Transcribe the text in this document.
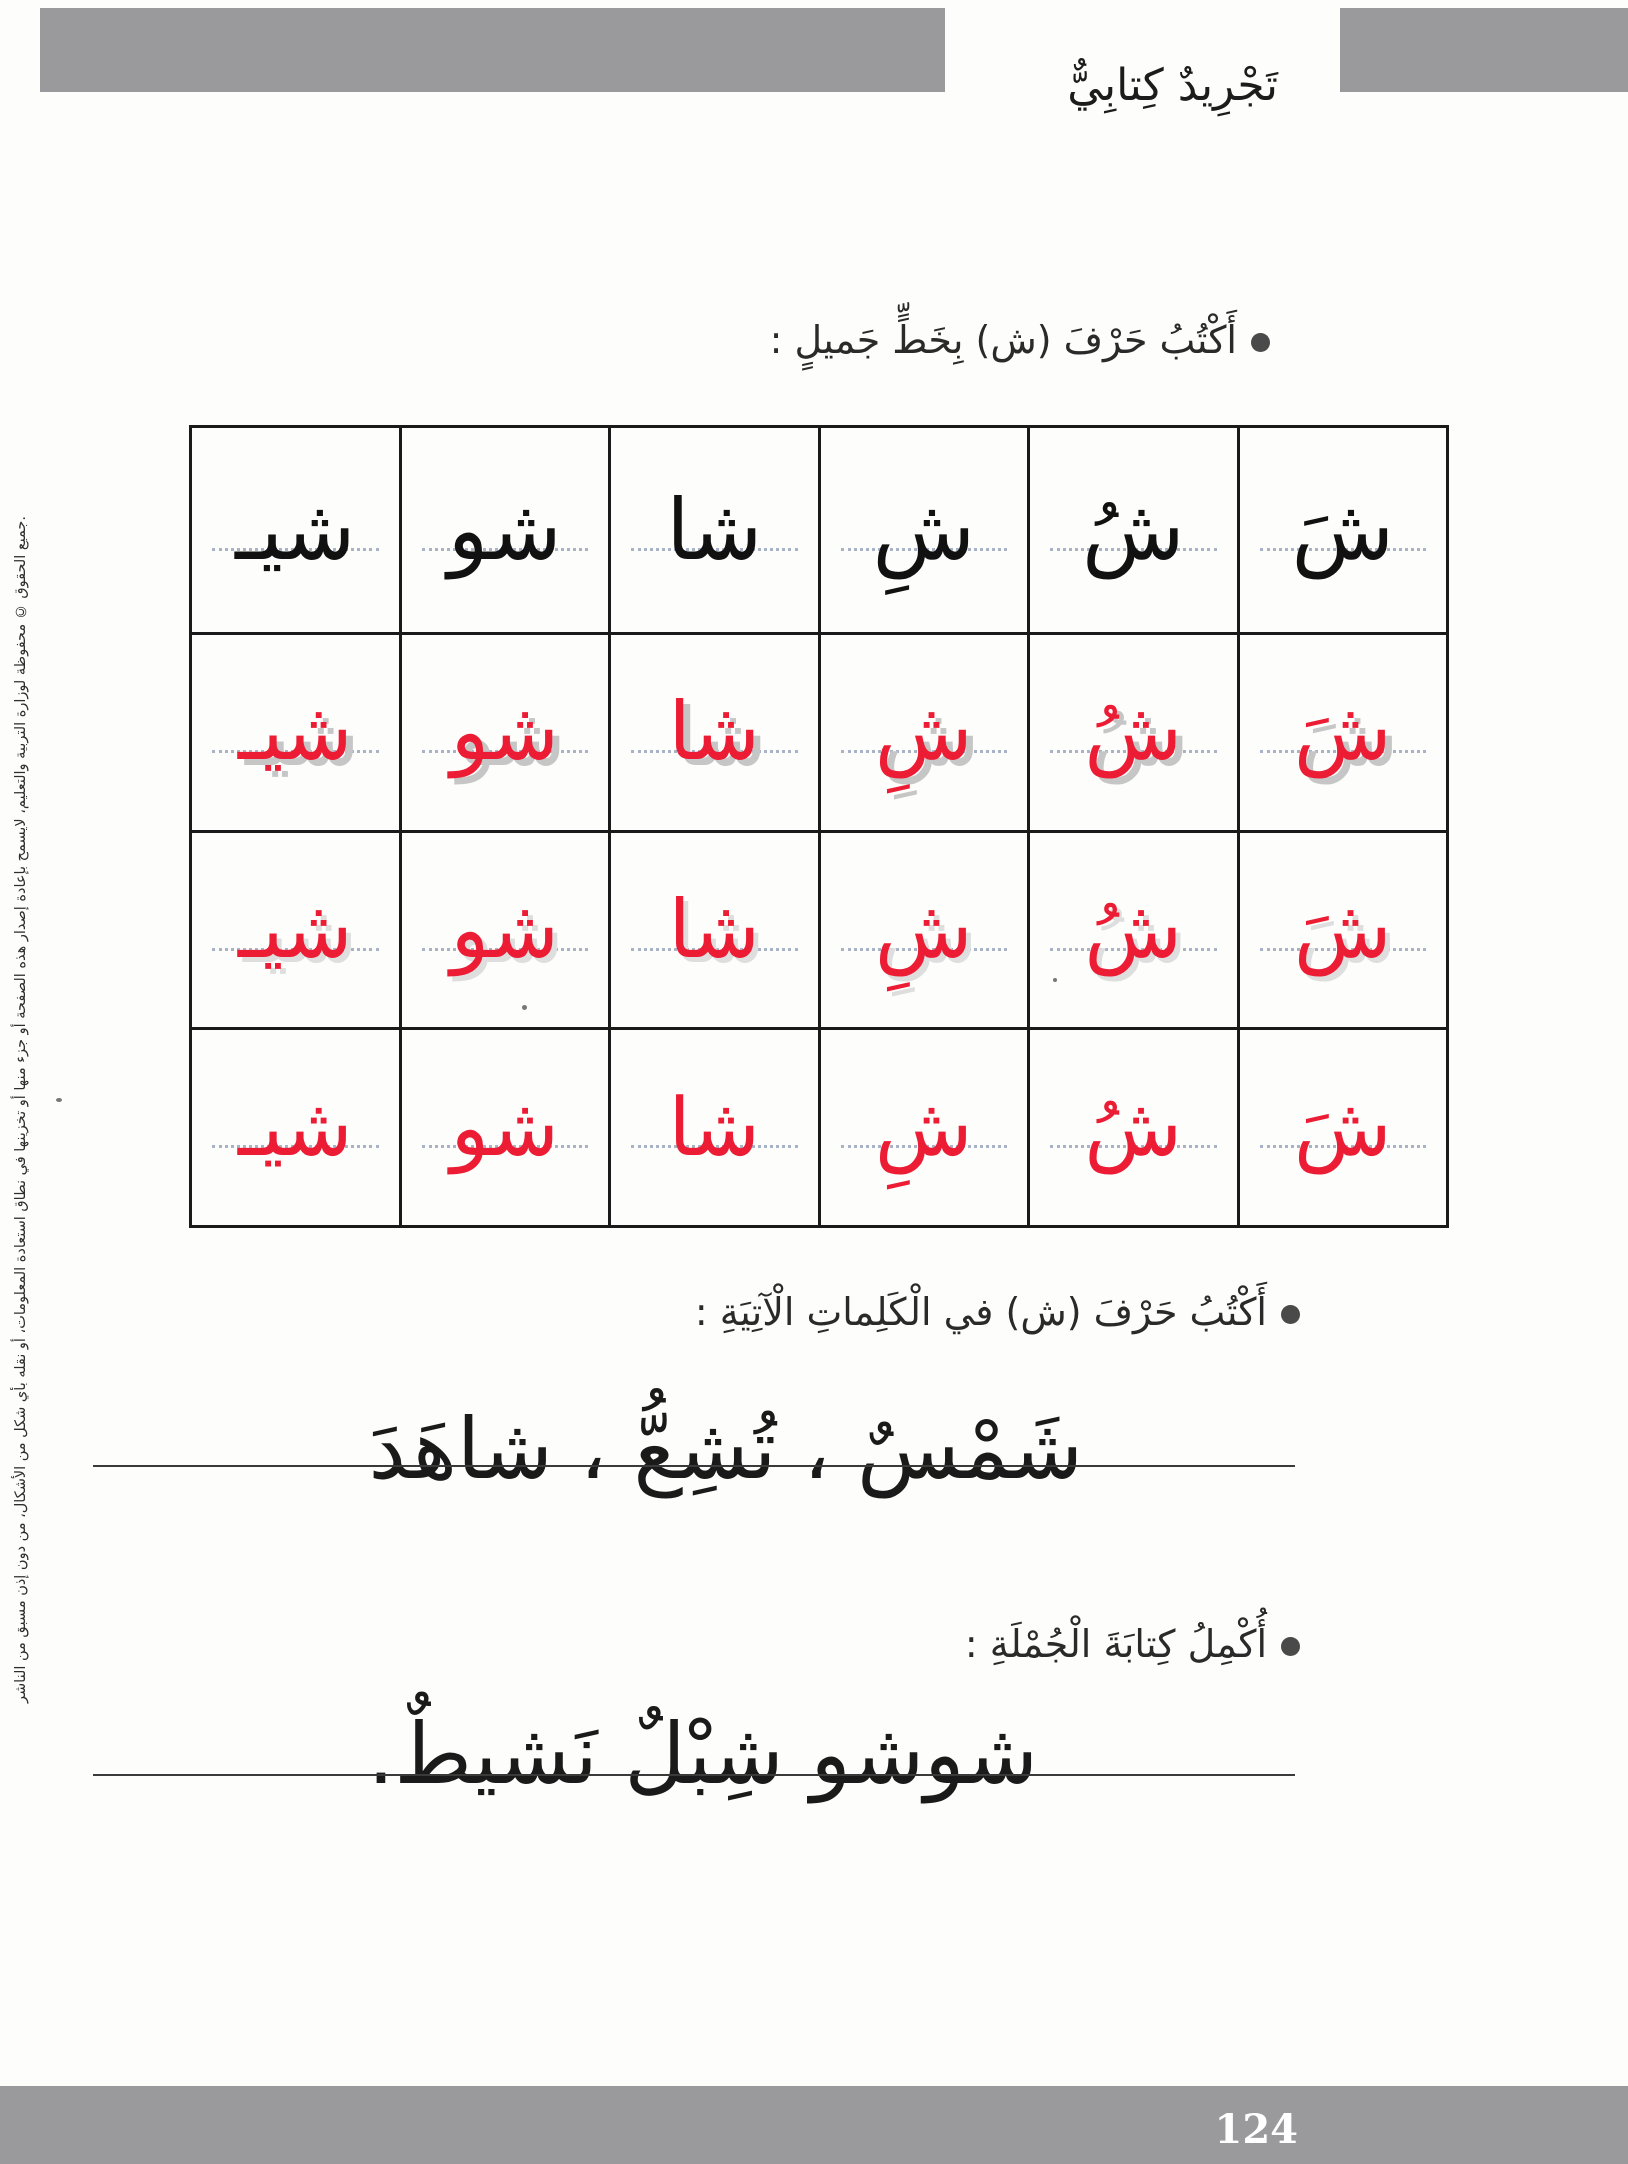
تَجْرِيدٌ كِتابِيٌّ
جميع الحقوق © محفوظة لوزارة التربية والتعليم، لايسمح بإعادة إصدار هذه الصفحة أو جزء منها أو تخزينها في نطاق استعادة المعلومات، أو نقله بأي شكل من الأشكال، من دون إذن مسبق من الناشر.
أَكْتُبُ حَرْفَ (ش) بِخَطٍّ جَميلٍ :
شَ	شُ	شِ	شا	شو	شيـ

شَ	شُ	شِ	شا	شو	شيـ

شَ	شُ	شِ	شا	شو	شيـ

شَ	شُ	شِ	شا	شو	شيـ
أَكْتُبُ حَرْفَ (ش) في الْكَلِماتِ الْآتِيَةِ :
شَمْسٌ ، تُشِعُّ ، شاهَدَ
أُكْمِلُ كِتابَةَ الْجُمْلَةِ :
شوشو شِبْلٌ نَشيطٌ.
124
